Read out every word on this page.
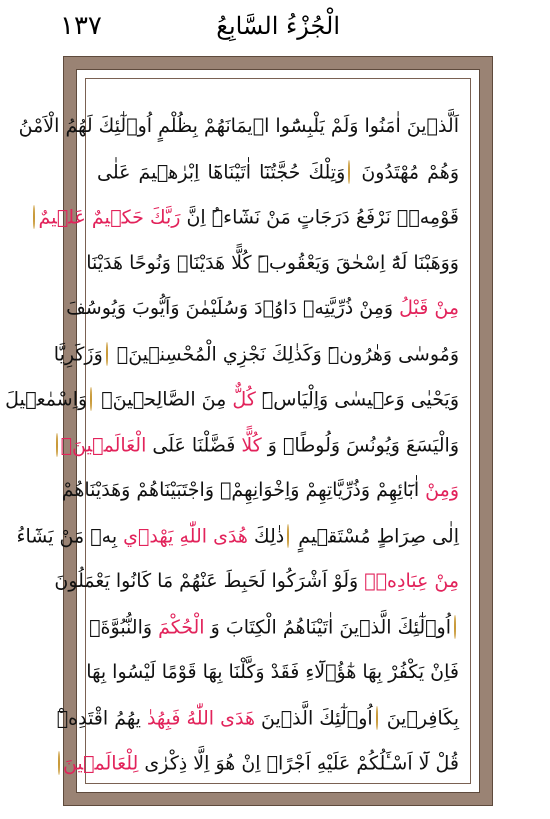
١٣٧	الْجُزْءُ السَّابِعُ
اَلَّذ۪ينَ اٰمَنُوا وَلَمْ يَلْبِسُٓوا ا۪يمَانَهُمْ بِظُلْمٍ اُو۬لٰٓئِكَ لَهُمُ الْاَمْنُ
وَهُمْ مُهْتَدُونَ وَتِلْكَ حُجَّتُنَٓا اٰتَيْنَاهَٓا اِبْرٰه۪يمَ عَلٰى
قَوْمِه۪ۜ نَرْفَعُ دَرَجَاتٍ مَنْ نَشَٓاءُۜ اِنَّ رَبَّكَ حَك۪يمٌ عَل۪يمٌ
وَوَهَبْنَا لَهُٓ اِسْحٰقَ وَيَعْقُوبَۜ كُلًّا هَدَيْنَاۚ وَنُوحًا هَدَيْنَا
مِنْ قَبْلُ وَمِنْ ذُرِّيَّتِه۪ دَاوُ۫دَ وَسُلَيْمٰنَ وَاَيُّوبَ وَيُوسُفَ
وَمُوسٰى وَهٰرُونَۜ وَكَذٰلِكَ نَجْزِي الْمُحْسِن۪ينَۙ وَزَكَرِيَّا
وَيَحْيٰى وَع۪يسٰى وَاِلْيَاسَۜ كُلٌّ مِنَ الصَّالِح۪ينَۙ وَاِسْمٰع۪يلَ
وَالْيَسَعَ وَيُونُسَ وَلُوطًاۜ وَ كُلًّا فَضَّلْنَا عَلَى الْعَالَم۪ينَۙ
وَمِنْ اٰبَٓائِهِمْ وَذُرِّيَّاتِهِمْ وَاِخْوَانِهِمْۚ وَاجْتَبَيْنَاهُمْ وَهَدَيْنَاهُمْ
اِلٰى صِرَاطٍ مُسْتَق۪يمٍ ذٰلِكَ هُدَى اللّٰهِ يَهْد۪ي بِه۪ مَنْ يَشَٓاءُ
مِنْ عِبَادِه۪ۜ وَلَوْ اَشْرَكُوا لَحَبِطَ عَنْهُمْ مَا كَانُوا يَعْمَلُونَ
اُو۬لٰٓئِكَ الَّذ۪ينَ اٰتَيْنَاهُمُ الْكِتَابَ وَ الْحُكْمَ وَالنُّبُوَّةَۚ
فَاِنْ يَكْفُرْ بِهَا هٰٓؤُ۬لَٓاءِ فَقَدْ وَكَّلْنَا بِهَا قَوْمًا لَيْسُوا بِهَا
بِكَافِر۪ينَ اُو۬لٰٓئِكَ الَّذ۪ينَ هَدَى اللّٰهُ فَبِهُدٰ يهُمُ اقْتَدِهْۜ
قُلْ لَٓا اَسْـَٔلُكُمْ عَلَيْهِ اَجْرًاۜ اِنْ هُوَ اِلَّا ذِكْرٰى لِلْعَالَم۪ينَ
